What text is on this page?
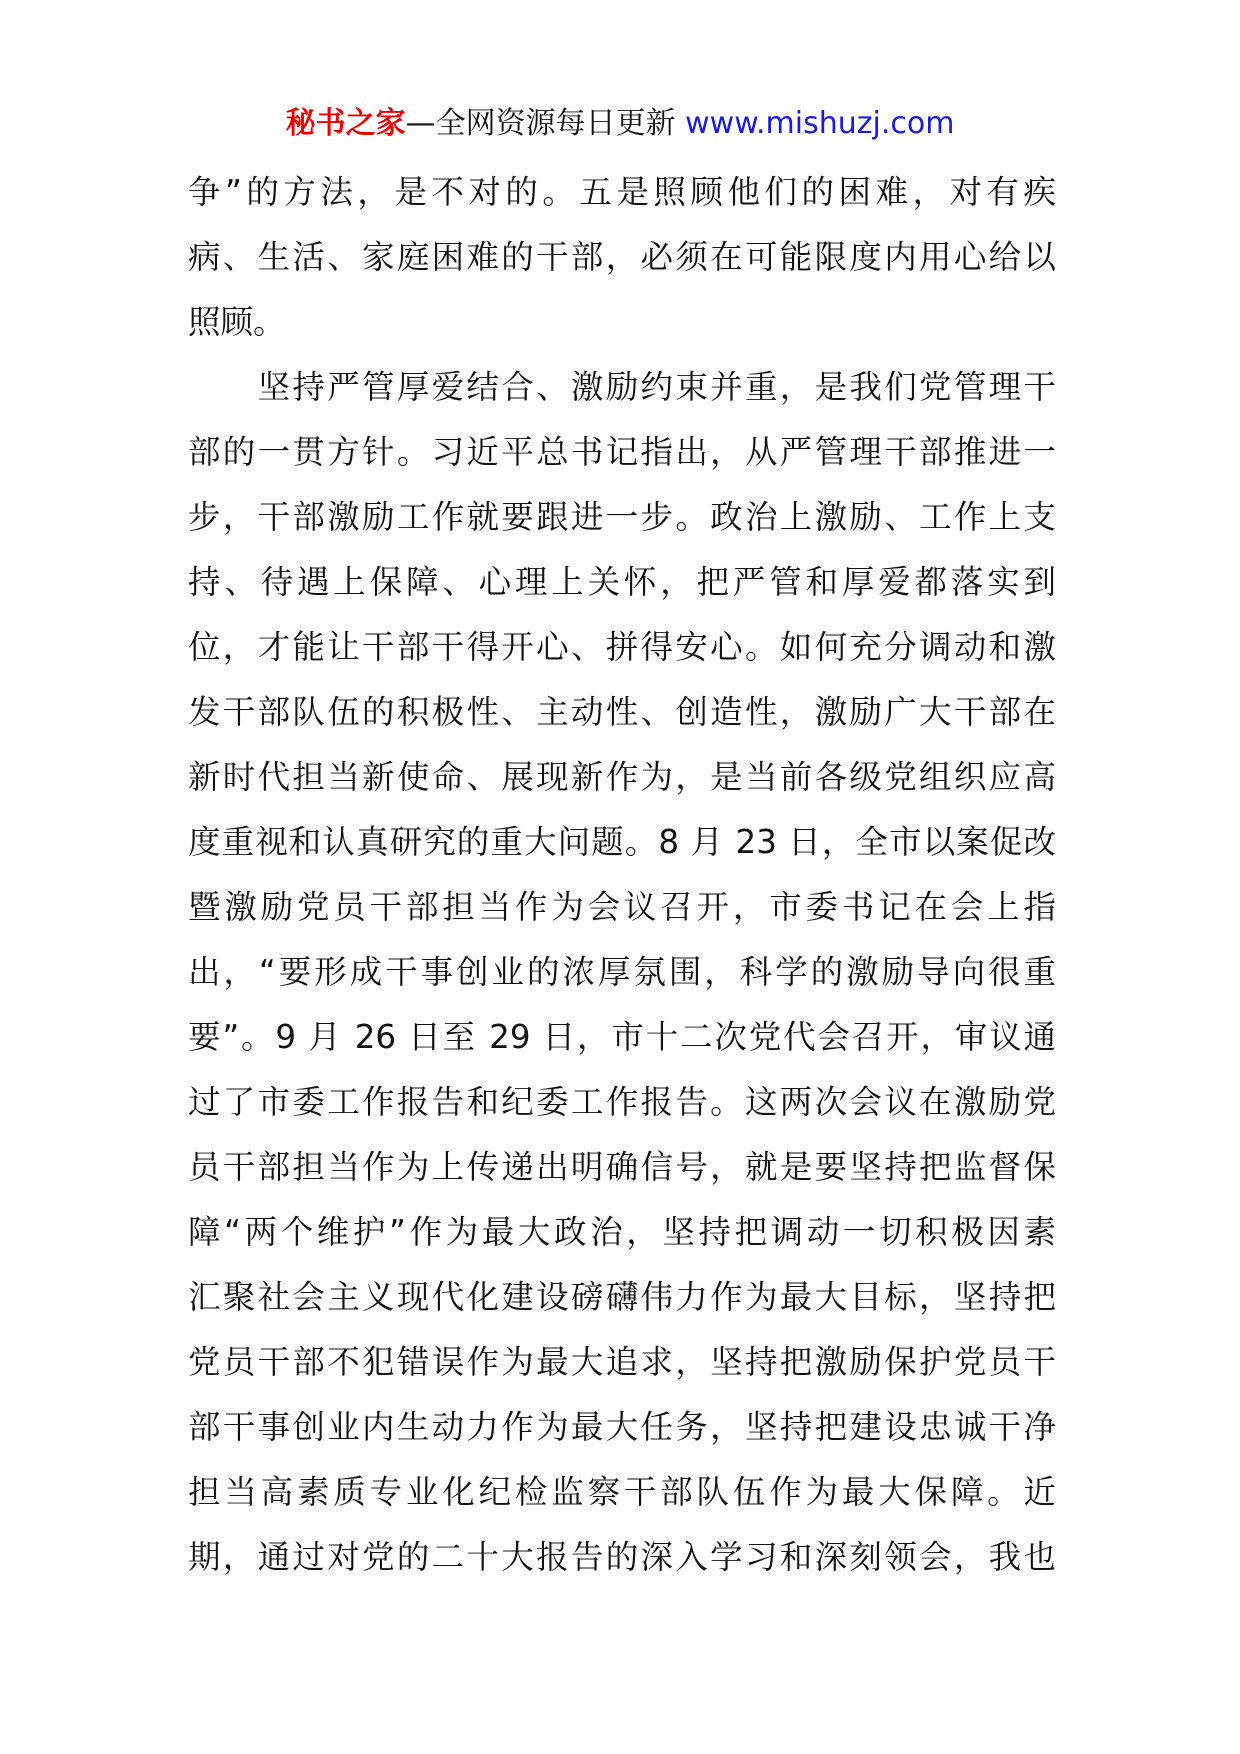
秘书之家—全网资源每日更新 www.mishuzj.com
争”的方法，是不对的。五是照顾他们的困难，对有疾
病、生活、家庭困难的干部，必须在可能限度内用心给以
照顾。
　　坚持严管厚爱结合、激励约束并重，是我们党管理干
部的一贯方针。习近平总书记指出，从严管理干部推进一
步，干部激励工作就要跟进一步。政治上激励、工作上支
持、待遇上保障、心理上关怀，把严管和厚爱都落实到
位，才能让干部干得开心、拼得安心。如何充分调动和激
发干部队伍的积极性、主动性、创造性，激励广大干部在
新时代担当新使命、展现新作为，是当前各级党组织应高
度重视和认真研究的重大问题。8 月 23 日，全市以案促改
暨激励党员干部担当作为会议召开，市委书记在会上指
出，“要形成干事创业的浓厚氛围，科学的激励导向很重
要”。9 月 26 日至 29 日，市十二次党代会召开，审议通
过了市委工作报告和纪委工作报告。这两次会议在激励党
员干部担当作为上传递出明确信号，就是要坚持把监督保
障“两个维护”作为最大政治，坚持把调动一切积极因素
汇聚社会主义现代化建设磅礴伟力作为最大目标，坚持把
党员干部不犯错误作为最大追求，坚持把激励保护党员干
部干事创业内生动力作为最大任务，坚持把建设忠诚干净
担当高素质专业化纪检监察干部队伍作为最大保障。近
期，通过对党的二十大报告的深入学习和深刻领会，我也
